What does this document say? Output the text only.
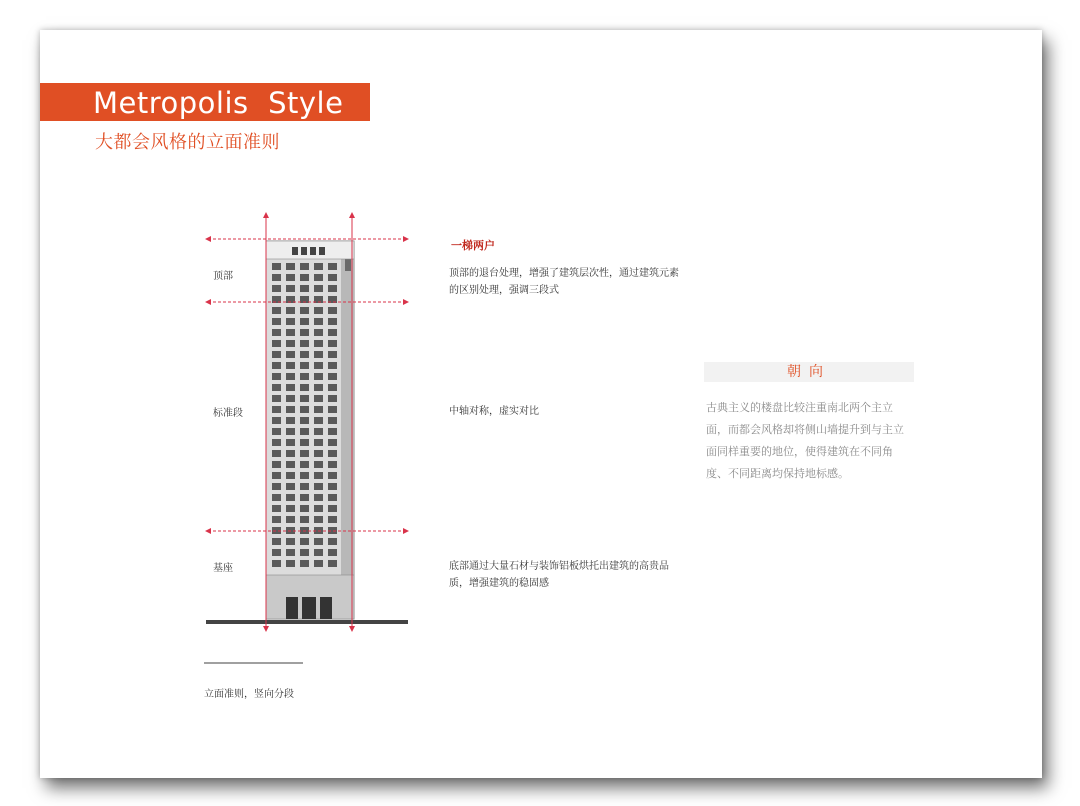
Metropolis  Style
大都会风格的立面准则
顶部
标准段
基座
一梯两户
顶部的退台处理，增强了建筑层次性，通过建筑元素的区别处理，强调三段式
中轴对称，虚实对比
底部通过大量石材与装饰铝板烘托出建筑的高贵品质，增强建筑的稳固感
朝向
古典主义的楼盘比较注重南北两个主立面，而都会风格却将侧山墙提升到与主立面同样重要的地位，使得建筑在不同角度、不同距离均保持地标感。
立面准则，竖向分段
